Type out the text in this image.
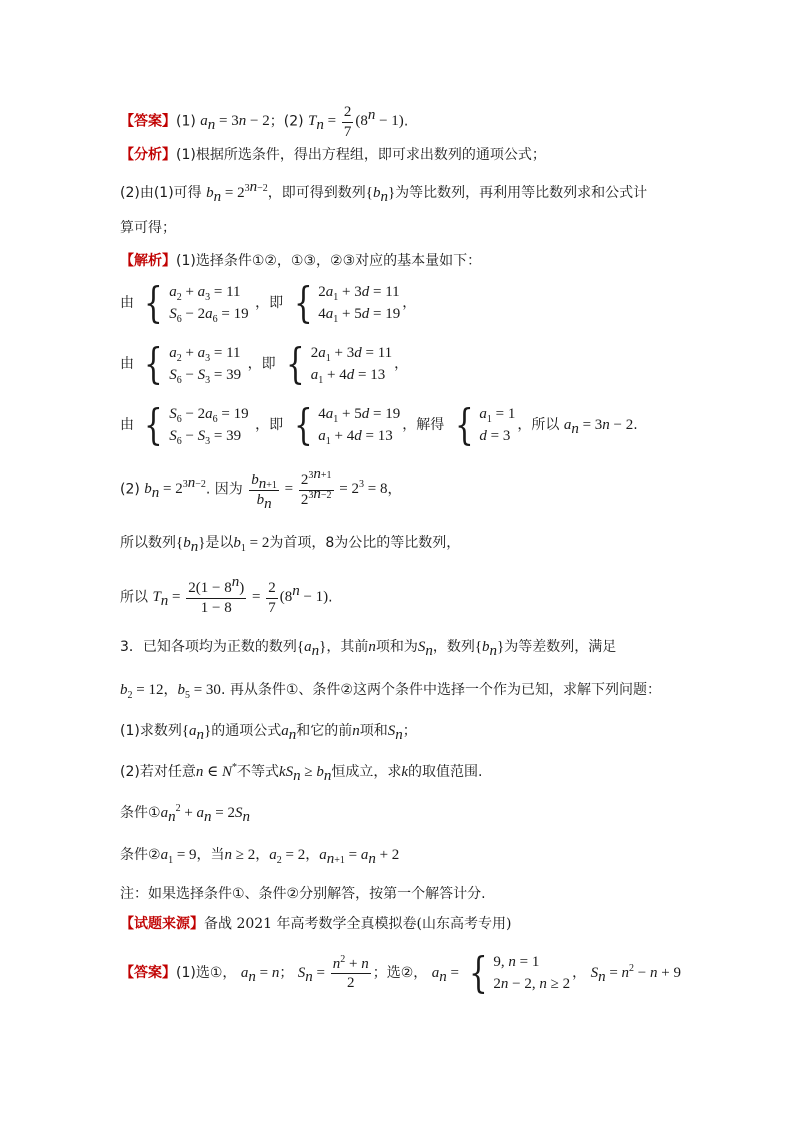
【答案】(1) $a_n = 3n - 2$；(2) $T_n = \frac{2}{7} (8^n - 1)$.
【分析】(1)根据所选条件，得出方程组，即可求出数列的通项公式；
(2)由(1)可得 $b_n = 2^{3n-2}$，即可得到数列$\{b_n\}$为等比数列，再利用等比数列求和公式计
算可得；
【解析】(1)选择条件①②，①③，②③对应的基本量如下：
由 { $a_2 + a_3 = 11$
$S_6 - 2a_6 = 19$
，即 { $2a_1 + 3d = 11$
$4a_1 + 5d = 19$
，
由 { $a_2 + a_3 = 11$
$S_6 - S_3 = 39$
，即 { $2a_1 + 3d = 11$
$a_1 + 4d = 13$
，
由 { $S_6 - 2a_6 = 19$
$S_6 - S_3 = 39$
，即 { $4a_1 + 5d = 19$
$a_1 + 4d = 13$
，解得 { $a_1 = 1$
d = 3
，所以 $a_n = 3n - 2$.
(2) $b_n = 2^{3n-2}$. 因为 $\frac{b_{n+1}}{b_n} = \frac{2^{3n+1}}{2^{3n-2}} = 2^3 = 8$，
所以数列$\{b_n\}$是以$b_1 = 2$为首项，8为公比的等比数列，
所以 $T_n = \frac{2(1 - 8^n)}{1 - 8} = \frac{2}{7} (8^n - 1)$.
3．已知各项均为正数的数列$\{a_n\}$，其前n项和为$S_n$，数列$\{b_n\}$为等差数列，满足
$b_2 = 12$，$b_5 = 30$. 再从条件①、条件②这两个条件中选择一个作为已知，求解下列问题：
(1)求数列$\{a_n\}$的通项公式$a_n$和它的前n项和$S_n$；
(2)若对任意n ∈ N*不等式$kS_n \ge b_n$恒成立，求k的取值范围.
条件$①a_n^2 + a_n = 2S_n$
条件$②a_1 = 9$，当n ≥ 2，$a_2 = 2$，$a_{n+1} = a_n + 2$
注：如果选择条件①、条件②分别解答，按第一个解答计分.
【试题来源】备战 2021 年高考数学全真模拟卷(山东高考专用)
【答案】(1)选①， $a_n = n$； $S_n = \frac{n^2 + n}{2}$ ；选②， $a_n$ = { 9, n = 1
2n − 2, n ≥ 2
， $S_n = n^2 - n + 9$
